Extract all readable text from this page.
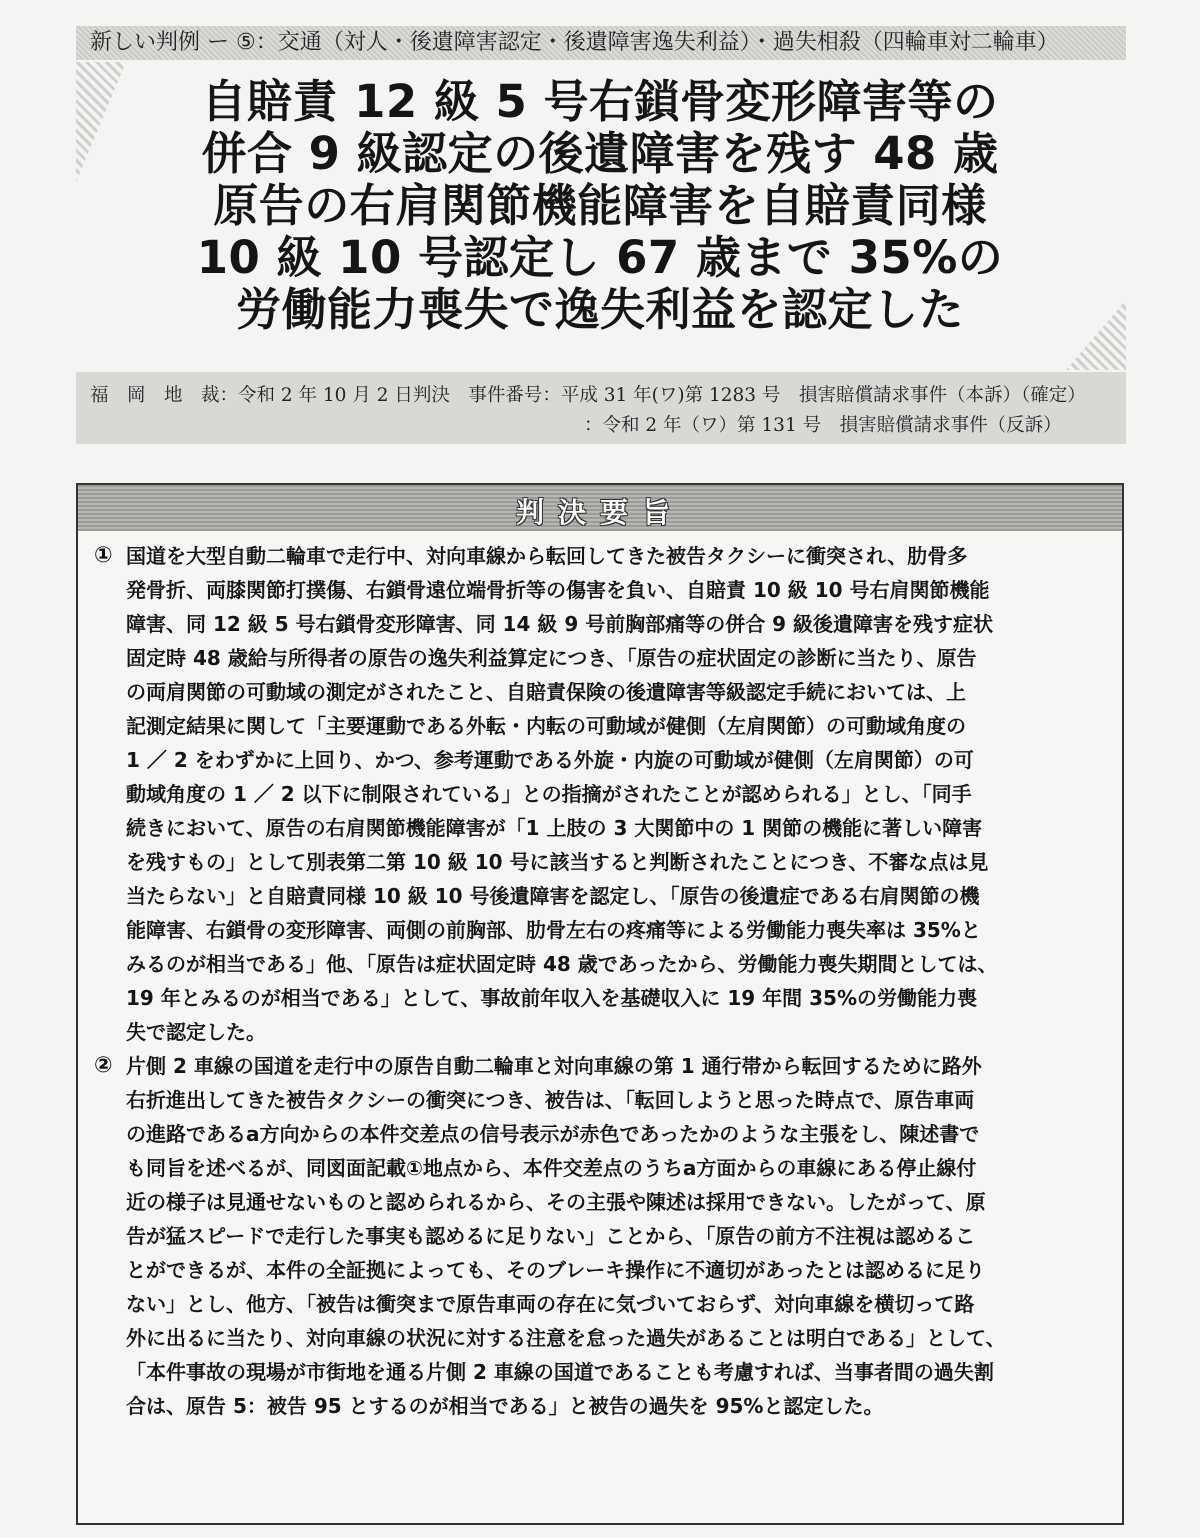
新しい判例 ー ⑤：交通（対人・後遺障害認定・後遺障害逸失利益）・過失相殺（四輪車対二輪車）
自賠責 12 級 5 号右鎖骨変形障害等の
併合 9 級認定の後遺障害を残す 48 歳
原告の右肩関節機能障害を自賠責同様
10 級 10 号認定し 67 歳まで 35%の
労働能力喪失で逸失利益を認定した
福　岡　地　裁：令和 2 年 10 月 2 日判決　事件番号：平成 31 年(ワ)第 1283 号　損害賠償請求事件（本訴）（確定）
：令和 2 年（ワ）第 131 号　損害賠償請求事件（反訴）
判決要旨
① 国道を大型自動二輪車で走行中、対向車線から転回してきた被告タクシーに衝突され、肋骨多
発骨折、両膝関節打撲傷、右鎖骨遠位端骨折等の傷害を負い、自賠責 10 級 10 号右肩関節機能
障害、同 12 級 5 号右鎖骨変形障害、同 14 級 9 号前胸部痛等の併合 9 級後遺障害を残す症状
固定時 48 歳給与所得者の原告の逸失利益算定につき、「原告の症状固定の診断に当たり、原告
の両肩関節の可動域の測定がされたこと、自賠責保険の後遺障害等級認定手続においては、上
記測定結果に関して「主要運動である外転・内転の可動域が健側（左肩関節）の可動域角度の
1 ／ 2 をわずかに上回り、かつ、参考運動である外旋・内旋の可動域が健側（左肩関節）の可
動域角度の 1 ／ 2 以下に制限されている」との指摘がされたことが認められる」とし、「同手
続きにおいて、原告の右肩関節機能障害が「1 上肢の 3 大関節中の 1 関節の機能に著しい障害
を残すもの」として別表第二第 10 級 10 号に該当すると判断されたことにつき、不審な点は見
当たらない」と自賠責同様 10 級 10 号後遺障害を認定し、「原告の後遺症である右肩関節の機
能障害、右鎖骨の変形障害、両側の前胸部、肋骨左右の疼痛等による労働能力喪失率は 35%と
みるのが相当である」他、「原告は症状固定時 48 歳であったから、労働能力喪失期間としては、
19 年とみるのが相当である」として、事故前年収入を基礎収入に 19 年間 35%の労働能力喪
失で認定した。
② 片側 2 車線の国道を走行中の原告自動二輪車と対向車線の第 1 通行帯から転回するために路外
右折進出してきた被告タクシーの衝突につき、被告は、「転回しようと思った時点で、原告車両
の進路であるa方向からの本件交差点の信号表示が赤色であったかのような主張をし、陳述書で
も同旨を述べるが、同図面記載①地点から、本件交差点のうちa方面からの車線にある停止線付
近の様子は見通せないものと認められるから、その主張や陳述は採用できない。したがって、原
告が猛スピードで走行した事実も認めるに足りない」ことから、「原告の前方不注視は認めるこ
とができるが、本件の全証拠によっても、そのブレーキ操作に不適切があったとは認めるに足り
ない」とし、他方、「被告は衝突まで原告車両の存在に気づいておらず、対向車線を横切って路
外に出るに当たり、対向車線の状況に対する注意を怠った過失があることは明白である」として、
「本件事故の現場が市街地を通る片側 2 車線の国道であることも考慮すれば、当事者間の過失割
合は、原告 5：被告 95 とするのが相当である」と被告の過失を 95%と認定した。
